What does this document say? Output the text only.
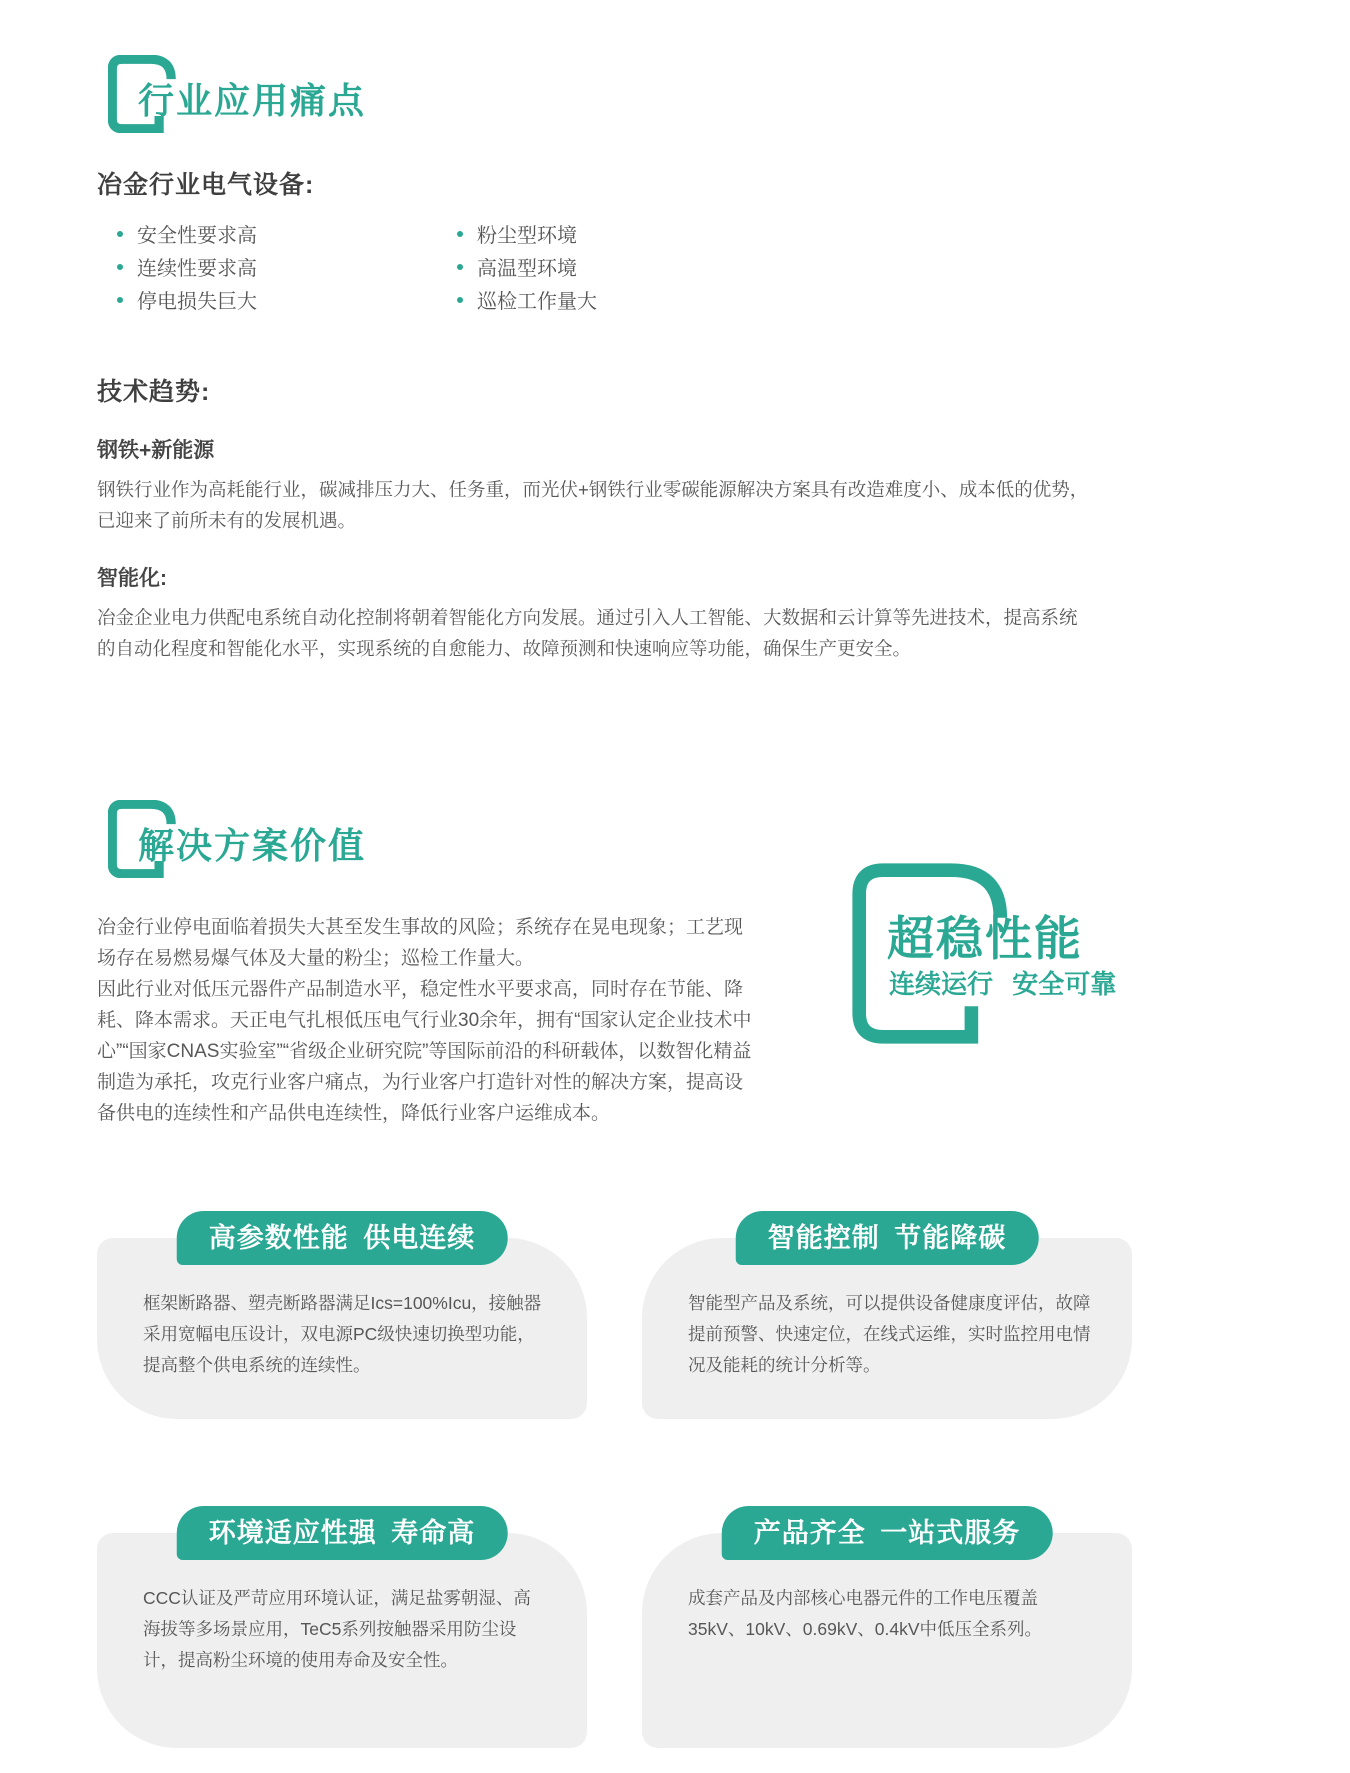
行业应用痛点
冶金行业电气设备:
安全性要求高
连续性要求高
停电损失巨大
粉尘型环境
高温型环境
巡检工作量大
技术趋势:
钢铁+新能源

钢铁行业作为高耗能行业，碳减排压力大、任务重，而光伏+钢铁行业零碳能源解决方案具有改造难度小、成本低的优势，已迎来了前所未有的发展机遇。

智能化:

冶金企业电力供配电系统自动化控制将朝着智能化方向发展。通过引入人工智能、大数据和云计算等先进技术，提高系统的自动化程度和智能化水平，实现系统的自愈能力、故障预测和快速响应等功能，确保生产更安全。

解决方案价值

冶金行业停电面临着损失大甚至发生事故的风险；系统存在晃电现象；工艺现场存在易燃易爆气体及大量的粉尘；巡检工作量大。

因此行业对低压元器件产品制造水平，稳定性水平要求高，同时存在节能、降耗、降本需求。天正电气扎根低压电气行业30余年，拥有“国家认定企业技术中心”“国家CNAS实验室”“省级企业研究院”等国际前沿的科研载体，以数智化精益制造为承托，攻克行业客户痛点，为行业客户打造针对性的解决方案，提高设备供电的连续性和产品供电连续性，降低行业客户运维成本。

超稳性能
连续运行 安全可靠
高参数性能 供电连续

框架断路器、塑壳断路器满足Ics=100%Icu，接触器采用宽幅电压设计，双电源PC级快速切换型功能，提高整个供电系统的连续性。

智能控制 节能降碳

智能型产品及系统，可以提供设备健康度评估，故障提前预警、快速定位，在线式运维，实时监控用电情况及能耗的统计分析等。

环境适应性强 寿命高

CCC认证及严苛应用环境认证，满足盐雾朝湿、高海拔等多场景应用，TeC5系列按触器采用防尘设计，提高粉尘环境的使用寿命及安全性。

产品齐全 一站式服务

成套产品及内部核心电器元件的工作电压覆盖35kV、10kV、0.69kV、0.4kV中低压全系列。
